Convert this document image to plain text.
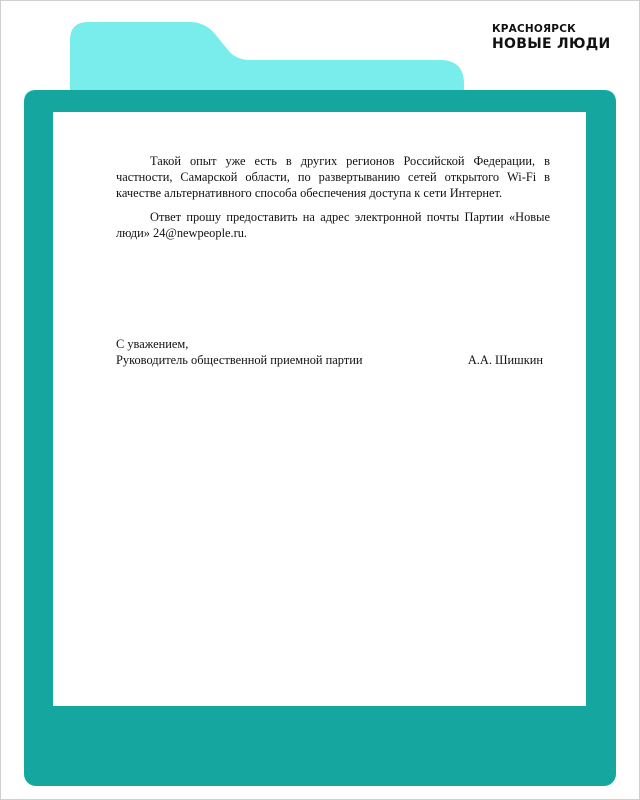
КРАСНОЯРСК
НОВЫЕ ЛЮДИ

Такой опыт уже есть в других регионов Российской Федерации, в частности, Самарской области, по развертыванию сетей открытого Wi-Fi в качестве альтернативного способа обеспечения доступа к сети Интернет.

Ответ прошу предоставить на адрес электронной почты Партии «Новые люди» 24@newpeople.ru.

С уважением,
Руководитель общественной приемной партии	А.А. Шишкин
